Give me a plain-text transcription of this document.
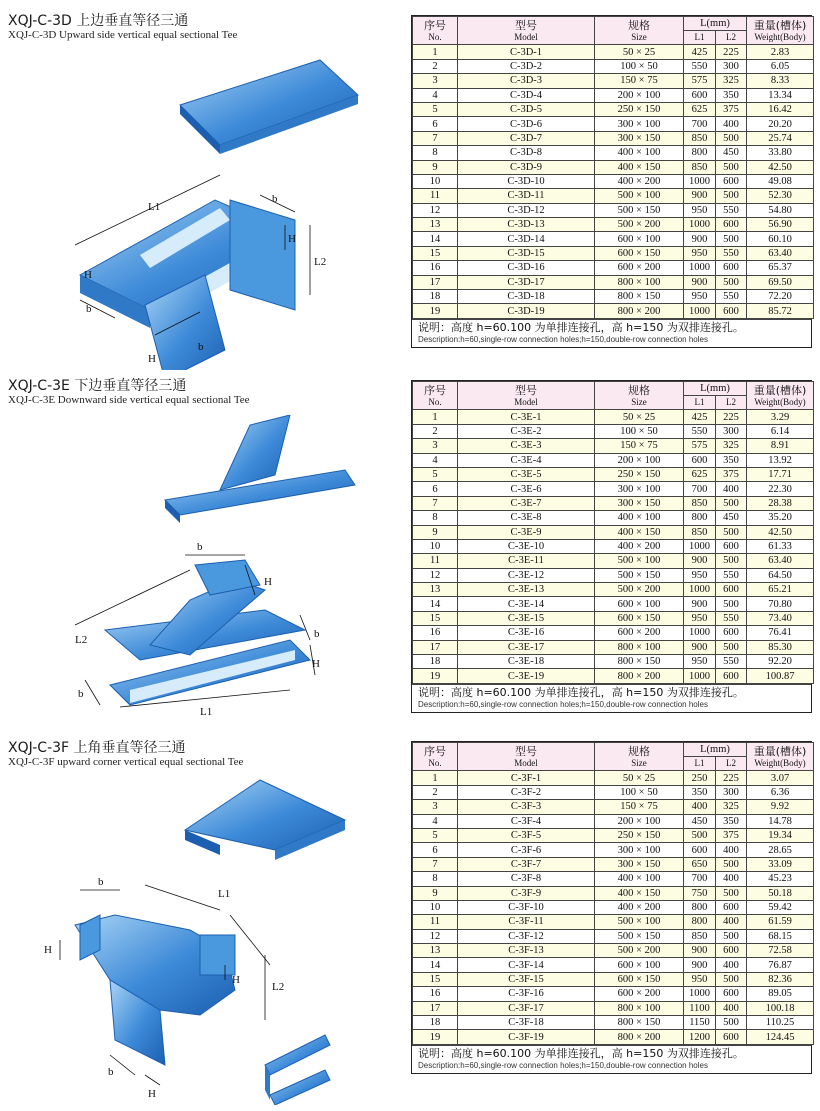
XQJ-C-3D 上边垂直等径三通
XQJ-C-3D Upward side vertical equal sectional Tee
L1
b
H
L2
b
H
b
H
序号
No.	型号
Model	规格
Size	L(mm)		重量(槽体)
Weight(Body)

			L1	L2	
1	C-3D-1	50 × 25	425	225	2.83
2	C-3D-2	100 × 50	550	300	6.05
3	C-3D-3	150 × 75	575	325	8.33
4	C-3D-4	200 × 100	600	350	13.34
5	C-3D-5	250 × 150	625	375	16.42
6	C-3D-6	300 × 100	700	400	20.20
7	C-3D-7	300 × 150	850	500	25.74
8	C-3D-8	400 × 100	800	450	33.80
9	C-3D-9	400 × 150	850	500	42.50
10	C-3D-10	400 × 200	1000	600	49.08
11	C-3D-11	500 × 100	900	500	52.30
12	C-3D-12	500 × 150	950	550	54.80
13	C-3D-13	500 × 200	1000	600	56.90
14	C-3D-14	600 × 100	900	500	60.10
15	C-3D-15	600 × 150	950	550	63.40
16	C-3D-16	600 × 200	1000	600	65.37
17	C-3D-17	800 × 100	900	500	69.50
18	C-3D-18	800 × 150	950	550	72.20
19	C-3D-19	800 × 200	1000	600	85.72
说明：高度 h=60.100 为单排连接孔，高 h=150 为双排连接孔。
Description:h=60,single-row connection holes;h=150,double-row connection holes
XQJ-C-3E 下边垂直等径三通
XQJ-C-3E Downward side vertical equal sectional Tee
b
H
L2	b
H
b
L1
序号
No.	型号
Model	规格
Size	L(mm)		重量(槽体)
Weight(Body)

			L1	L2	
1	C-3E-1	50 × 25	425	225	3.29
2	C-3E-2	100 × 50	550	300	6.14
3	C-3E-3	150 × 75	575	325	8.91
4	C-3E-4	200 × 100	600	350	13.92
5	C-3E-5	250 × 150	625	375	17.71
6	C-3E-6	300 × 100	700	400	22.30
7	C-3E-7	300 × 150	850	500	28.38
8	C-3E-8	400 × 100	800	450	35.20
9	C-3E-9	400 × 150	850	500	42.50
10	C-3E-10	400 × 200	1000	600	61.33
11	C-3E-11	500 × 100	900	500	63.40
12	C-3E-12	500 × 150	950	550	64.50
13	C-3E-13	500 × 200	1000	600	65.21
14	C-3E-14	600 × 100	900	500	70.80
15	C-3E-15	600 × 150	950	550	73.40
16	C-3E-16	600 × 200	1000	600	76.41
17	C-3E-17	800 × 100	900	500	85.30
18	C-3E-18	800 × 150	950	550	92.20
19	C-3E-19	800 × 200	1000	600	100.87
说明：高度 h=60.100 为单排连接孔，高 h=150 为双排连接孔。
Description:h=60,single-row connection holes;h=150,double-row connection holes
XQJ-C-3F 上角垂直等径三通
XQJ-C-3F upward corner vertical equal sectional Tee
b
L1
H
H
L2
b
H
序号
No.	型号
Model	规格
Size	L(mm)		重量(槽体)
Weight(Body)

			L1	L2	
1	C-3F-1	50 × 25	250	225	3.07
2	C-3F-2	100 × 50	350	300	6.36
3	C-3F-3	150 × 75	400	325	9.92
4	C-3F-4	200 × 100	450	350	14.78
5	C-3F-5	250 × 150	500	375	19.34
6	C-3F-6	300 × 100	600	400	28.65
7	C-3F-7	300 × 150	650	500	33.09
8	C-3F-8	400 × 100	700	400	45.23
9	C-3F-9	400 × 150	750	500	50.18
10	C-3F-10	400 × 200	800	600	59.42
11	C-3F-11	500 × 100	800	400	61.59
12	C-3F-12	500 × 150	850	500	68.15
13	C-3F-13	500 × 200	900	600	72.58
14	C-3F-14	600 × 100	900	400	76.87
15	C-3F-15	600 × 150	950	500	82.36
16	C-3F-16	600 × 200	1000	600	89.05
17	C-3F-17	800 × 100	1100	400	100.18
18	C-3F-18	800 × 150	1150	500	110.25
19	C-3F-19	800 × 200	1200	600	124.45
说明：高度 h=60.100 为单排连接孔，高 h=150 为双排连接孔。
Description:h=60,single-row connection holes;h=150,double-row connection holes
